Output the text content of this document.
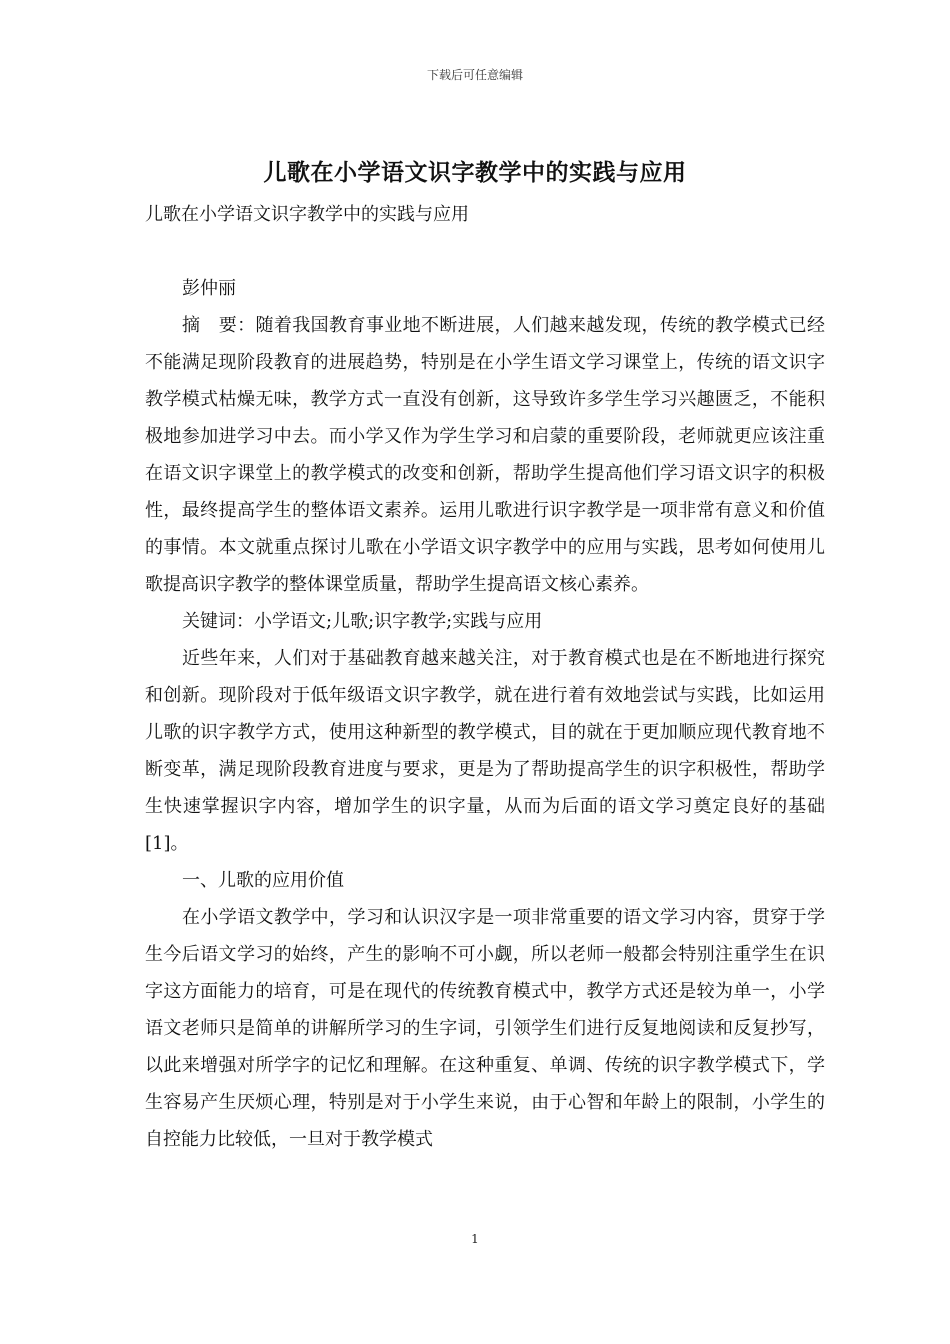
下载后可任意编辑
儿歌在小学语文识字教学中的实践与应用

儿歌在小学语文识字教学中的实践与应用

彭仲丽

摘　要：随着我国教育事业地不断进展，人们越来越发现，传统的教学模式已经不能满足现阶段教育的进展趋势，特别是在小学生语文学习课堂上，传统的语文识字教学模式枯燥无味，教学方式一直没有创新，这导致许多学生学习兴趣匮乏，不能积极地参加进学习中去。而小学又作为学生学习和启蒙的重要阶段，老师就更应该注重在语文识字课堂上的教学模式的改变和创新，帮助学生提高他们学习语文识字的积极性，最终提高学生的整体语文素养。运用儿歌进行识字教学是一项非常有意义和价值的事情。本文就重点探讨儿歌在小学语文识字教学中的应用与实践，思考如何使用儿歌提高识字教学的整体课堂质量，帮助学生提高语文核心素养。

关键词：小学语文;儿歌;识字教学;实践与应用

近些年来，人们对于基础教育越来越关注，对于教育模式也是在不断地进行探究和创新。现阶段对于低年级语文识字教学，就在进行着有效地尝试与实践，比如运用儿歌的识字教学方式，使用这种新型的教学模式，目的就在于更加顺应现代教育地不断变革，满足现阶段教育进度与要求，更是为了帮助提高学生的识字积极性，帮助学生快速掌握识字内容，增加学生的识字量，从而为后面的语文学习奠定良好的基础[1]。

一、儿歌的应用价值

在小学语文教学中，学习和认识汉字是一项非常重要的语文学习内容，贯穿于学生今后语文学习的始终，产生的影响不可小觑，所以老师一般都会特别注重学生在识字这方面能力的培育，可是在现代的传统教育模式中，教学方式还是较为单一，小学语文老师只是简单的讲解所学习的生字词，引领学生们进行反复地阅读和反复抄写，以此来增强对所学字的记忆和理解。在这种重复、单调、传统的识字教学模式下，学生容易产生厌烦心理，特别是对于小学生来说，由于心智和年龄上的限制，小学生的自控能力比较低，一旦对于教学模式

1
